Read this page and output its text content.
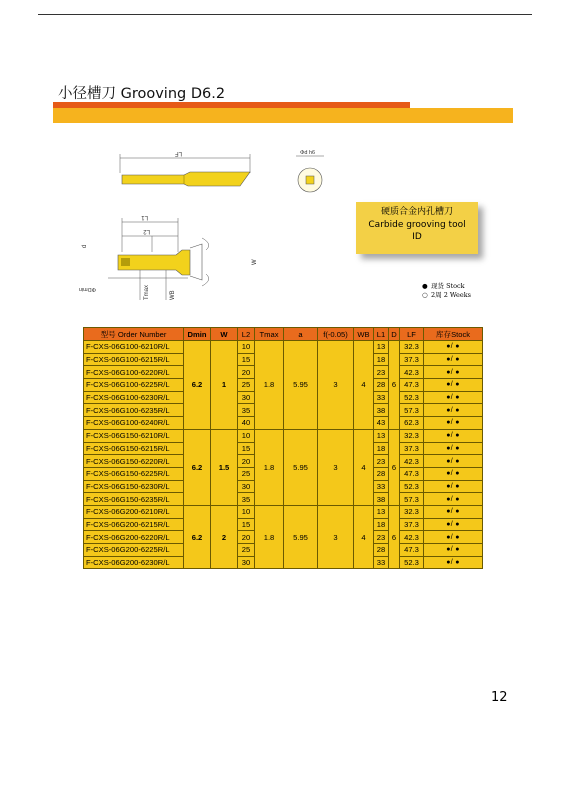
小径槽刀 Grooving D6.2
LF
L1
L2
d
ΦDmin	Tmax	WB
W
Φd h6
硬质合金内孔槽刀
Carbide grooving tool
ID
● 现货 Stock
○ 2周 2 Weeks
型号 Order Number	Dmin	W	L2	Tmax	a	f(-0.05)	WB	L1	D	LF	库存Stock
F-CXS-06G100-6210R/L	6.2	1	10	1.8	5.95	3	4	13	6	32.3	●/ ●
F-CXS-06G100-6215R/L			15					18		37.3	●/ ●
F-CXS-06G100-6220R/L			20					23		42.3	●/ ●
F-CXS-06G100-6225R/L			25					28		47.3	●/ ●
F-CXS-06G100-6230R/L			30					33		52.3	●/ ●
F-CXS-06G100-6235R/L			35					38		57.3	●/ ●
F-CXS-06G100-6240R/L			40					43		62.3	●/ ●
F-CXS-06G150-6210R/L	6.2	1.5	10	1.8	5.95	3	4	13	6	32.3	●/ ●
F-CXS-06G150-6215R/L			15					18		37.3	●/ ●
F-CXS-06G150-6220R/L			20					23		42.3	●/ ●
F-CXS-06G150-6225R/L			25					28		47.3	●/ ●
F-CXS-06G150-6230R/L			30					33		52.3	●/ ●
F-CXS-06G150-6235R/L			35					38		57.3	●/ ●
F-CXS-06G200-6210R/L	6.2	2	10	1.8	5.95	3	4	13	6	32.3	●/ ●
F-CXS-06G200-6215R/L			15					18		37.3	●/ ●
F-CXS-06G200-6220R/L			20					23		42.3	●/ ●
F-CXS-06G200-6225R/L			25					28		47.3	●/ ●
F-CXS-06G200-6230R/L			30					33		52.3	●/ ●
12
